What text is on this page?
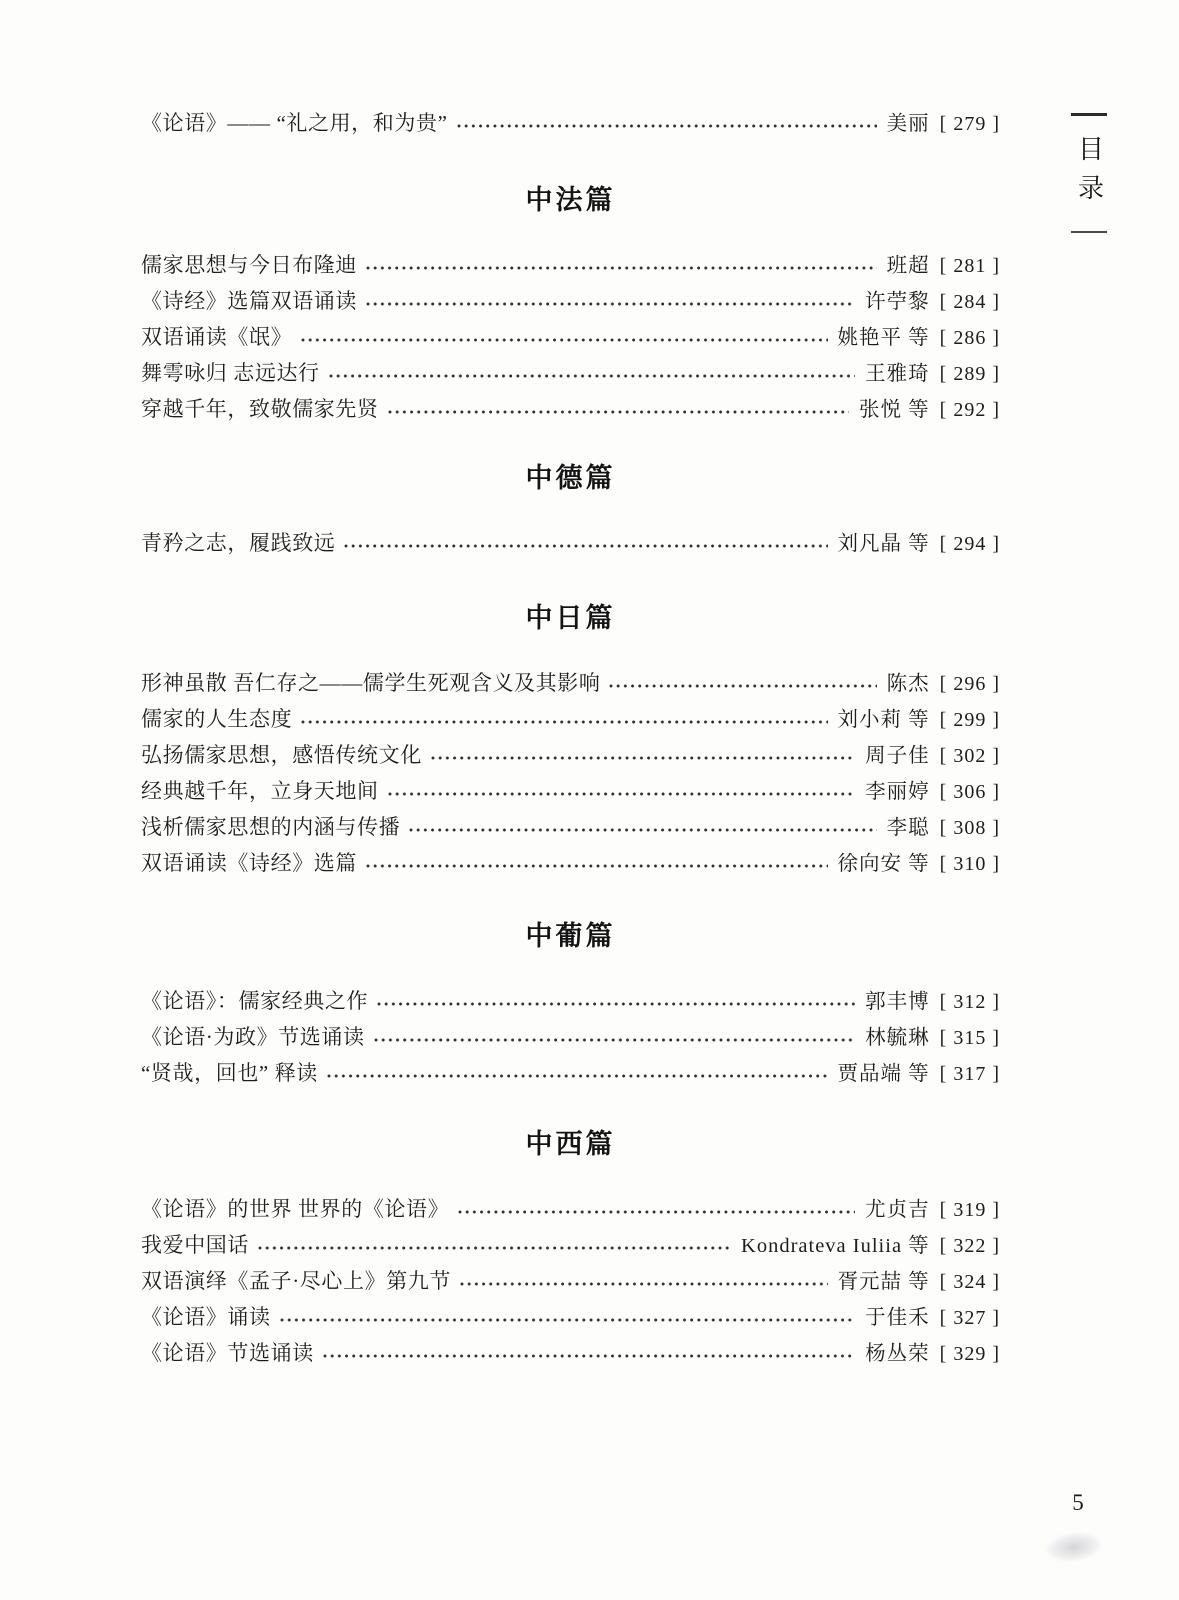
《论语》—— “礼之用，和为贵”	美丽 [ 279 ]
中法篇
儒家思想与今日布隆迪	班超 [ 281 ]
《诗经》选篇双语诵读	许苧黎 [ 284 ]
双语诵读《氓》	姚艳平 等 [ 286 ]
舞雩咏归 志远达行	王雅琦 [ 289 ]
穿越千年，致敬儒家先贤	张悦 等 [ 292 ]
中德篇
青矜之志，履践致远	刘凡晶 等 [ 294 ]
中日篇
形神虽散 吾仁存之——儒学生死观含义及其影响	陈杰 [ 296 ]
儒家的人生态度	刘小莉 等 [ 299 ]
弘扬儒家思想，感悟传统文化	周子佳 [ 302 ]
经典越千年，立身天地间	李丽婷 [ 306 ]
浅析儒家思想的内涵与传播	李聪 [ 308 ]
双语诵读《诗经》选篇	徐向安 等 [ 310 ]
中葡篇
《论语》：儒家经典之作	郭丰博 [ 312 ]
《论语·为政》节选诵读	林毓琳 [ 315 ]
“贤哉，回也” 释读	贾品端 等 [ 317 ]
中西篇
《论语》的世界 世界的《论语》	尤贞吉 [ 319 ]
我爱中国话	Kondrateva Iuliia 等 [ 322 ]
双语演绎《孟子·尽心上》第九节	胥元喆 等 [ 324 ]
《论语》诵读	于佳禾 [ 327 ]
《论语》节选诵读	杨丛荣 [ 329 ]
目录
5
